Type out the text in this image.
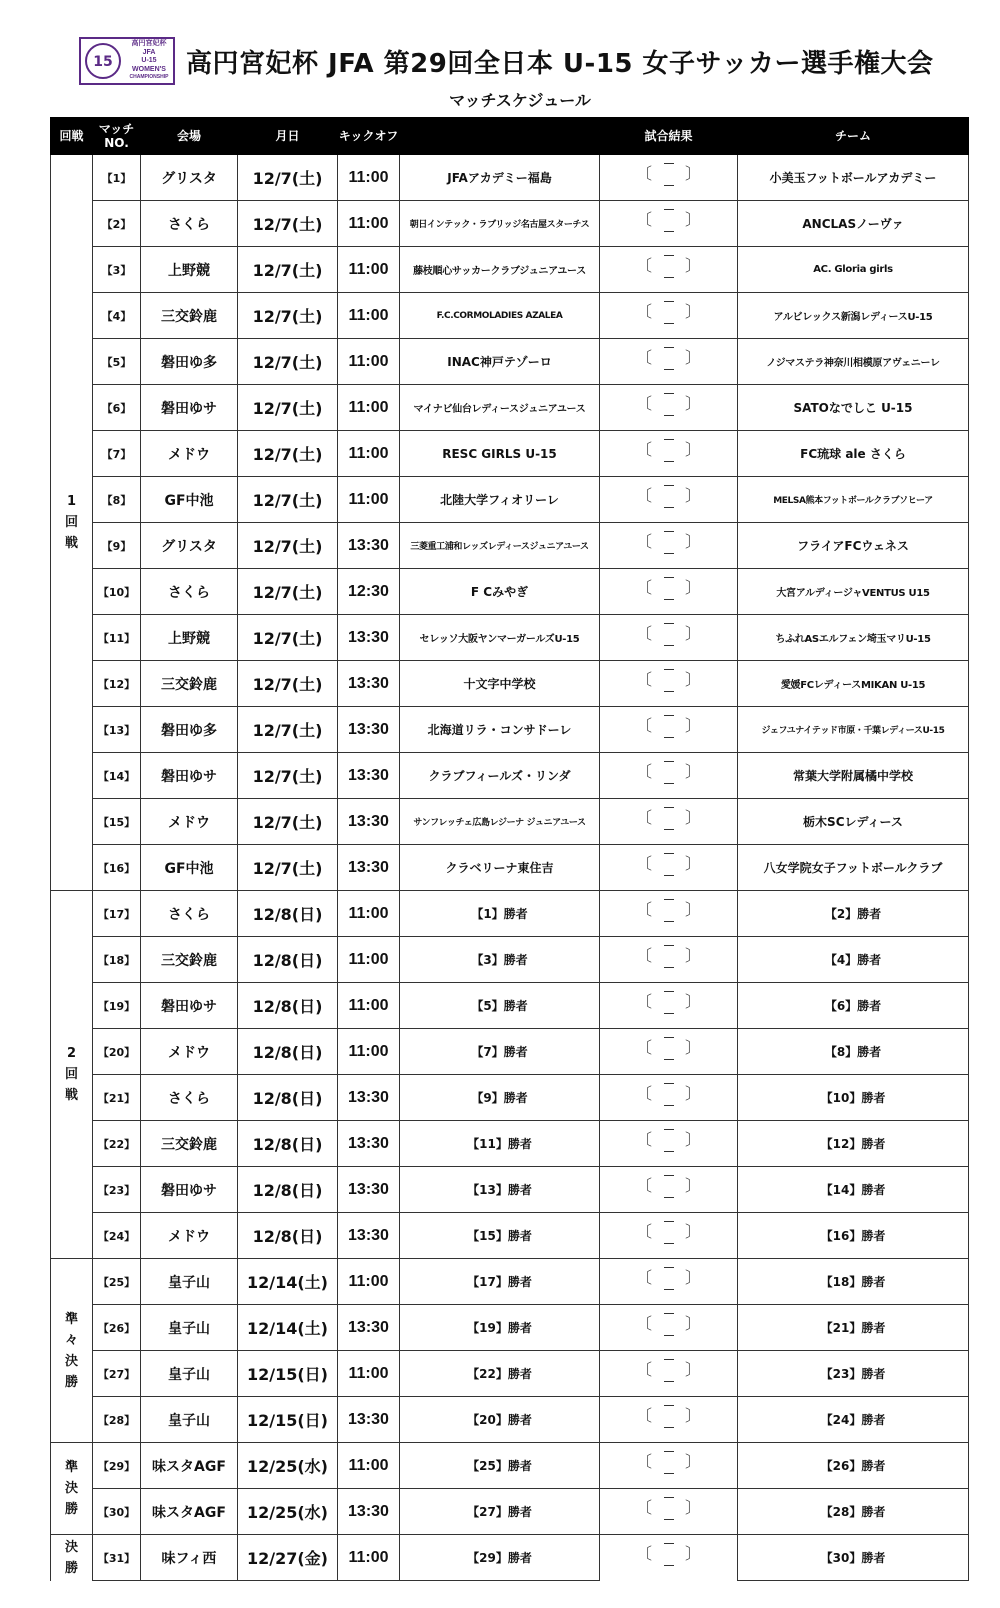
15
高円宮妃杯
JFA
U-15
WOMEN'S
CHAMPIONSHIP 高円宮妃杯 JFA 第29回全日本 U-15 女子サッカー選手権大会
マッチスケジュール
回戦	マッチ
NO.	会場	月日	キックオフ		試合結果	チーム
1回戦	【1】	グリスタ	12/7(土)	11:00	JFAアカデミー福島	〔 〕	小美玉フットボールアカデミー
	【2】	さくら	12/7(土)	11:00	朝日インテック・ラブリッジ名古屋スターチス	〔 〕	ANCLASノーヴァ
	【3】	上野競	12/7(土)	11:00	藤枝順心サッカークラブジュニアユース	〔 〕	AC. Gloria girls
	【4】	三交鈴鹿	12/7(土)	11:00	F.C.CORMOLADIES AZALEA	〔 〕	アルビレックス新潟レディースU-15
	【5】	磐田ゆ多	12/7(土)	11:00	INAC神戸テゾーロ	〔 〕	ノジマステラ神奈川相模原アヴェニーレ
	【6】	磐田ゆサ	12/7(土)	11:00	マイナビ仙台レディースジュニアユース	〔 〕	SATOなでしこ U-15
	【7】	メドウ	12/7(土)	11:00	RESC GIRLS U-15	〔 〕	FC琉球 ale さくら
	【8】	GF中池	12/7(土)	11:00	北陸大学フィオリーレ	〔 〕	MELSA熊本フットボールクラブソヒーア
	【9】	グリスタ	12/7(土)	13:30	三菱重工浦和レッズレディースジュニアユース	〔 〕	フライアFCウェネス
	【10】	さくら	12/7(土)	12:30	F Cみやぎ	〔 〕	大宮アルディージャVENTUS U15
	【11】	上野競	12/7(土)	13:30	セレッソ大阪ヤンマーガールズU-15	〔 〕	ちふれASエルフェン埼玉マリU-15
	【12】	三交鈴鹿	12/7(土)	13:30	十文字中学校	〔 〕	愛媛FCレディースMIKAN U-15
	【13】	磐田ゆ多	12/7(土)	13:30	北海道リラ・コンサドーレ	〔 〕	ジェフユナイテッド市原・千葉レディースU-15
	【14】	磐田ゆサ	12/7(土)	13:30	クラブフィールズ・リンダ	〔 〕	常葉大学附属橘中学校
	【15】	メドウ	12/7(土)	13:30	サンフレッチェ広島レジーナ ジュニアユース	〔 〕	栃木SCレディース
	【16】	GF中池	12/7(土)	13:30	クラベリーナ東住吉	〔 〕	八女学院女子フットボールクラブ
2回戦	【17】	さくら	12/8(日)	11:00	【1】勝者	〔 〕	【2】勝者
	【18】	三交鈴鹿	12/8(日)	11:00	【3】勝者	〔 〕	【4】勝者
	【19】	磐田ゆサ	12/8(日)	11:00	【5】勝者	〔 〕	【6】勝者
	【20】	メドウ	12/8(日)	11:00	【7】勝者	〔 〕	【8】勝者
	【21】	さくら	12/8(日)	13:30	【9】勝者	〔 〕	【10】勝者
	【22】	三交鈴鹿	12/8(日)	13:30	【11】勝者	〔 〕	【12】勝者
	【23】	磐田ゆサ	12/8(日)	13:30	【13】勝者	〔 〕	【14】勝者
	【24】	メドウ	12/8(日)	13:30	【15】勝者	〔 〕	【16】勝者
準々決勝	【25】	皇子山	12/14(土)	11:00	【17】勝者	〔 〕	【18】勝者
	【26】	皇子山	12/14(土)	13:30	【19】勝者	〔 〕	【21】勝者
	【27】	皇子山	12/15(日)	11:00	【22】勝者	〔 〕	【23】勝者
	【28】	皇子山	12/15(日)	13:30	【20】勝者	〔 〕	【24】勝者
準決勝	【29】	味スタAGF	12/25(水)	11:00	【25】勝者	〔 〕	【26】勝者
	【30】	味スタAGF	12/25(水)	13:30	【27】勝者	〔 〕	【28】勝者
決勝	【31】	味フィ西	12/27(金)	11:00	【29】勝者	〔 〕	【30】勝者
